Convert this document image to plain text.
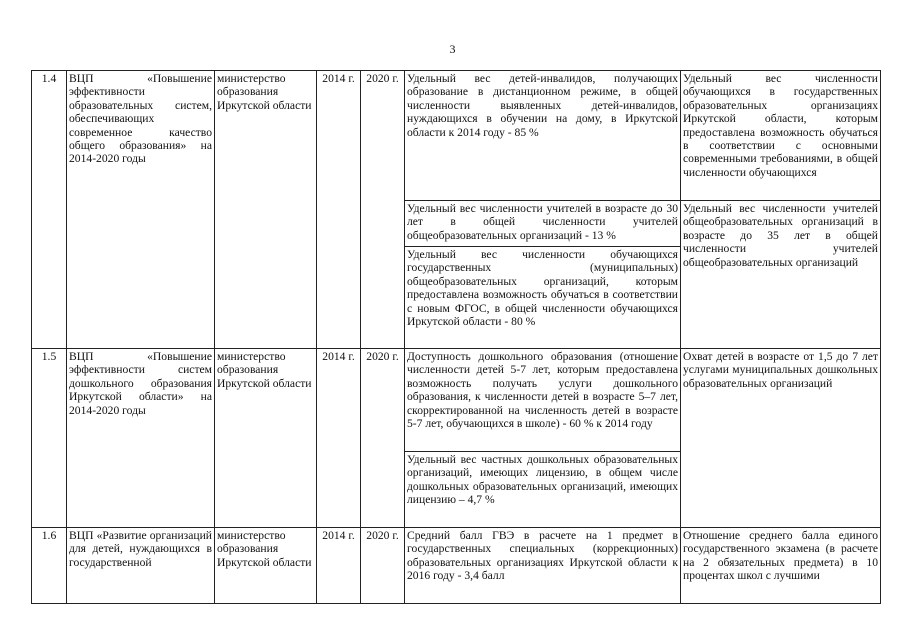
3
1.4	ВЦП «Повышение эффективности образовательных систем, обеспечивающих современное качество общего образования» на 2014-2020 годы	министерство образования Иркутской области	2014 г.	2020 г.	Удельный вес детей-инвалидов, получающих образование в дистанционном режиме, в общей численности выявленных детей-инвалидов, нуждающихся в обучении на дому, в Иркутской области к 2014 году - 85 %	Удельный вес численности обучающихся в государственных образовательных организациях Иркутской области, которым предоставлена возможность обучаться в соответствии с основными современными требованиями, в общей численности обучающихся
					Удельный вес численности учителей в возрасте до 30 лет в общей численности учителей общеобразовательных организаций - 13 %	Удельный вес численности учителей общеобразовательных организаций в возрасте до 35 лет в общей численности учителей общеобразовательных организаций
					Удельный вес численности обучающихся государственных (муниципальных) общеобразовательных организаций, которым предоставлена возможность обучаться в соответствии с новым ФГОС, в общей численности обучающихся Иркутской области - 80 %	
1.5	ВЦП «Повышение эффективности систем дошкольного образования Иркутской области» на 2014-2020 годы	министерство образования Иркутской области	2014 г.	2020 г.	Доступность дошкольного образования (отношение численности детей 5-7 лет, которым предоставлена возможность получать услуги дошкольного образования, к численности детей в возрасте 5–7 лет, скорректированной на численность детей в возрасте 5-7 лет, обучающихся в школе) - 60 % к 2014 году	Охват детей в возрасте от 1,5 до 7 лет услугами муниципальных дошкольных образовательных организаций
					Удельный вес частных дошкольных образовательных организаций, имеющих лицензию, в общем числе дошкольных образовательных организаций, имеющих лицензию – 4,7 %	
1.6	ВЦП «Развитие организаций для детей, нуждающихся в государственной	министерство образования Иркутской области	2014 г.	2020 г.	Средний балл ГВЭ в расчете на 1 предмет в государственных специальных (коррекционных) образовательных организациях Иркутской области к 2016 году - 3,4 балл	Отношение среднего балла единого государственного экзамена (в расчете на 2 обязательных предмета) в 10 процентах школ с лучшими
